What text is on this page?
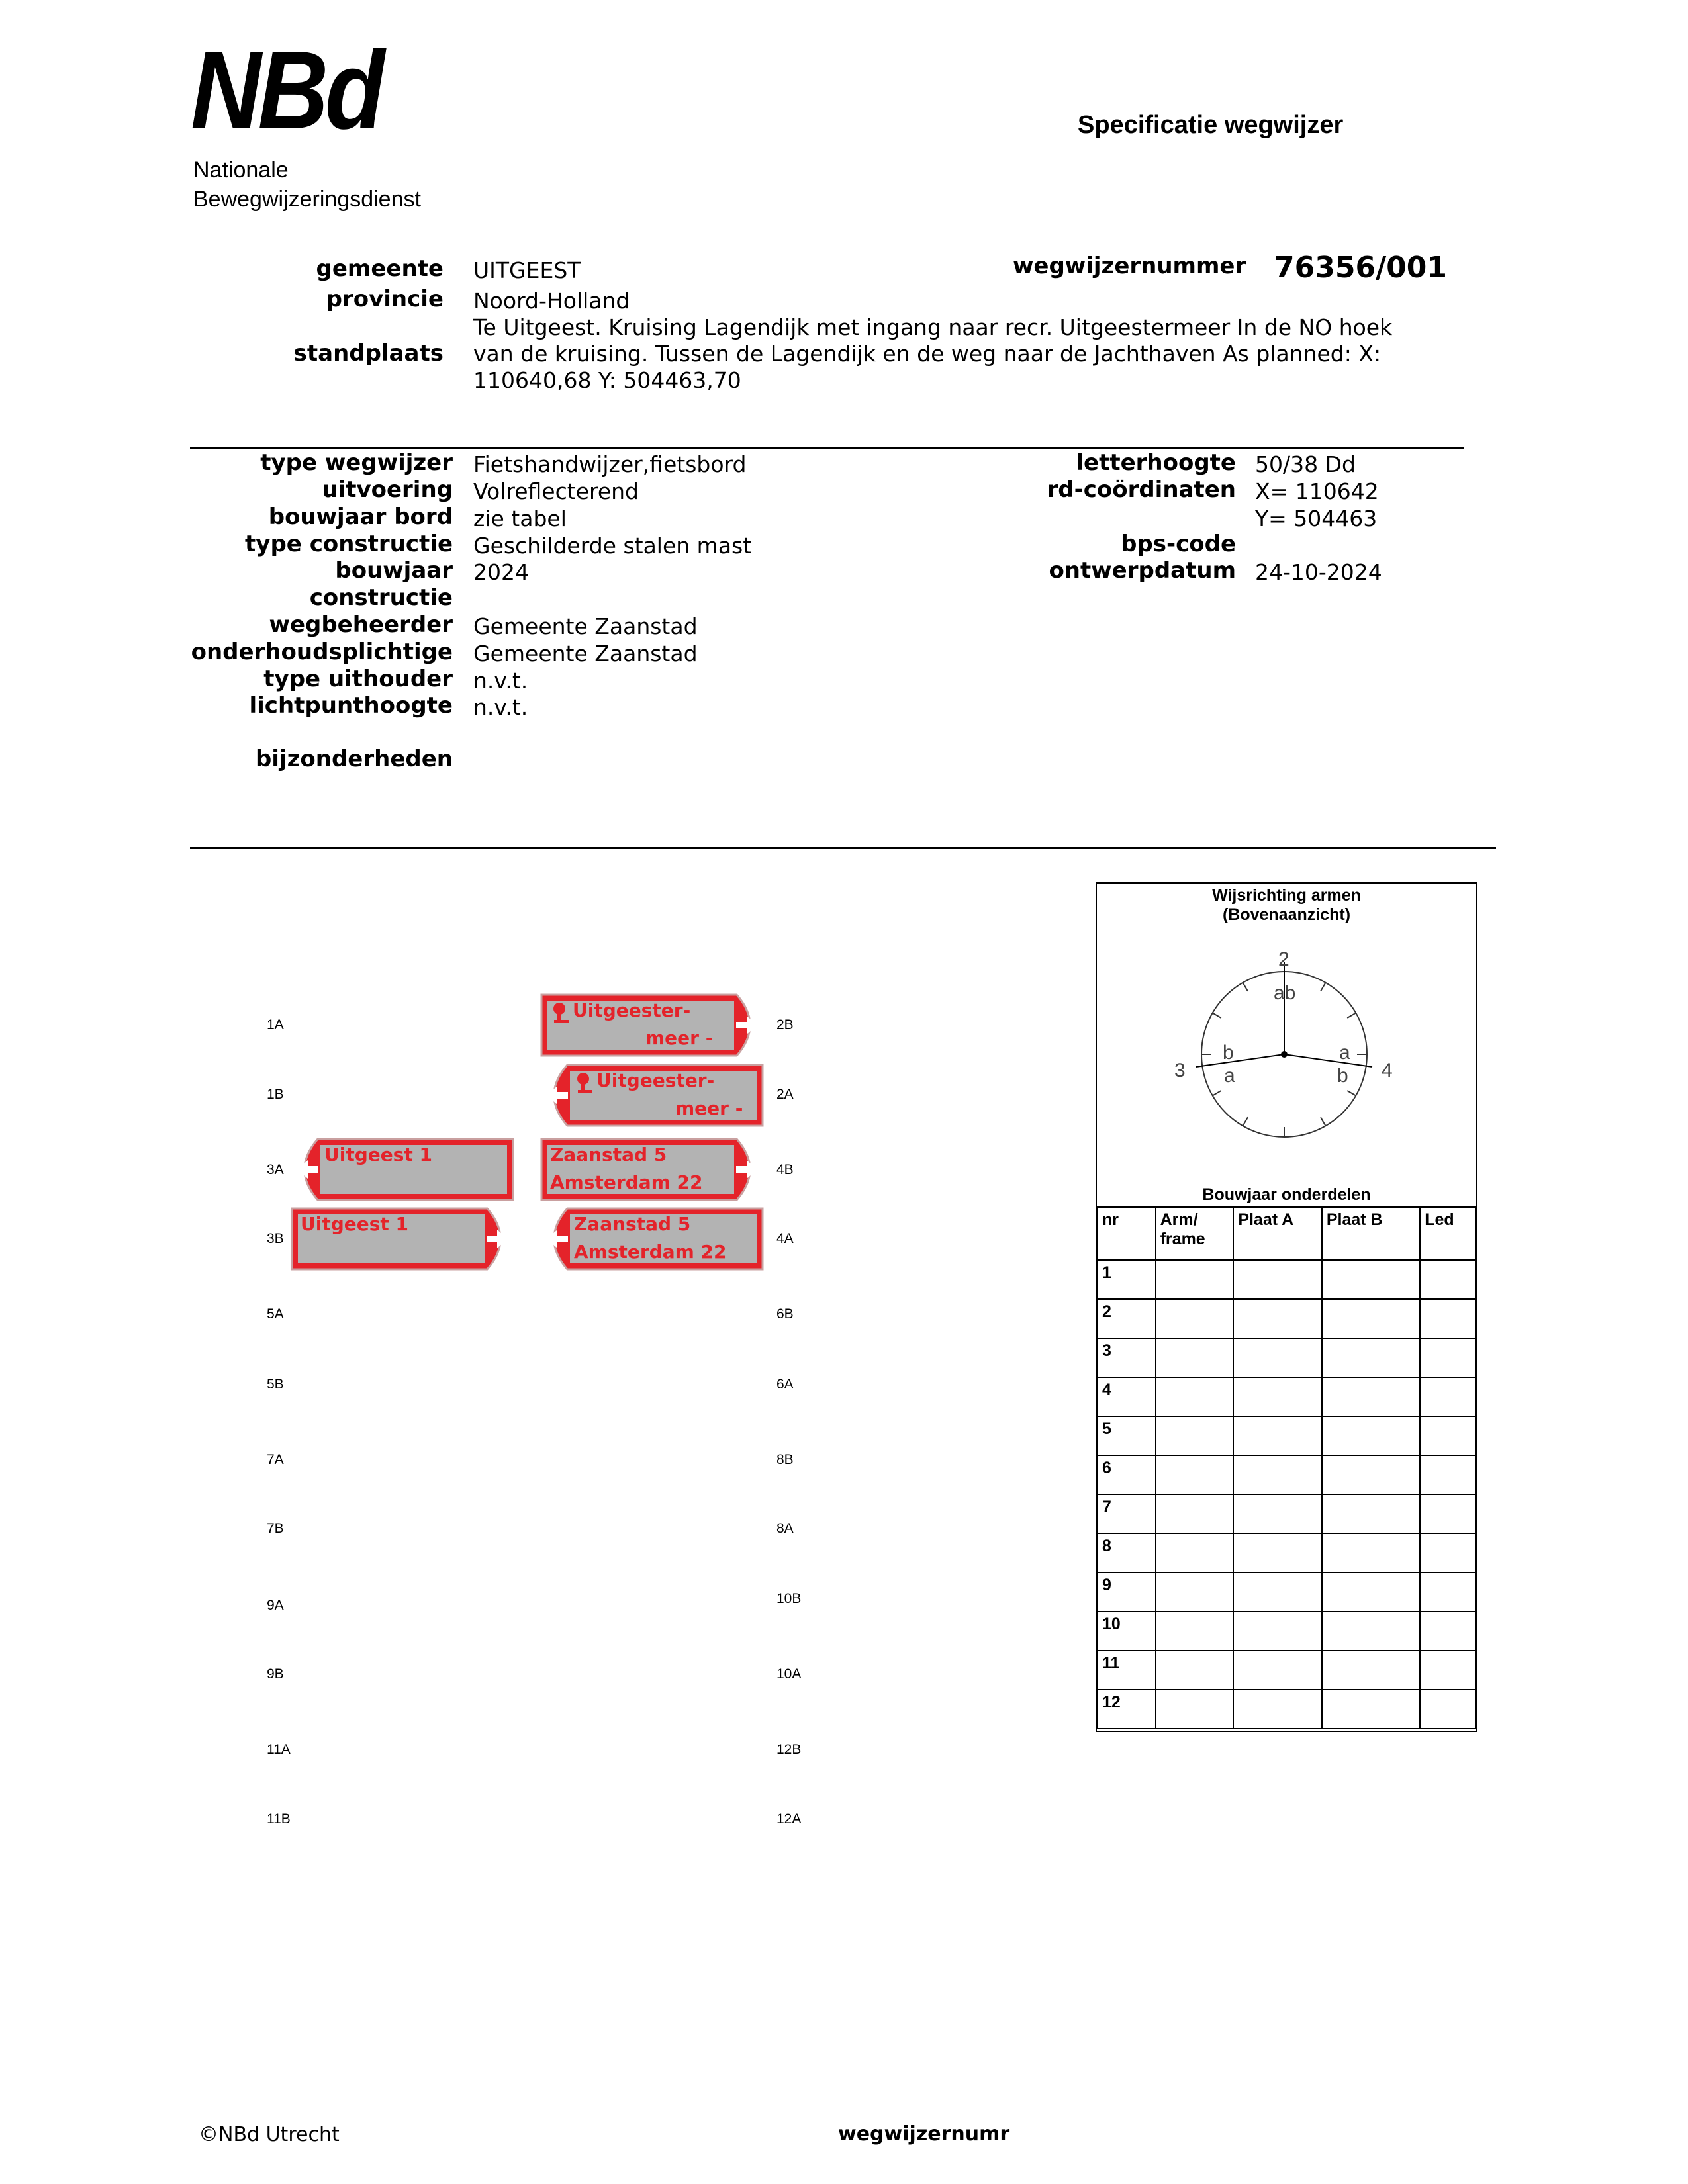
NBd
Nationale
Bewegwijzeringsdienst
Specificatie wegwijzer
gemeente UITGEEST
provincie Noord-Holland
standplaats
Te Uitgeest. Kruising Lagendijk met ingang naar recr. Uitgeestermeer In de NO hoek
van de kruising. Tussen de Lagendijk en de weg naar de Jachthaven As planned: X:
110640,68 Y: 504463,70
wegwijzernummer 76356/001
type wegwijzer Fietshandwijzer,fietsbord
uitvoering Volreflecterend
bouwjaar bord zie tabel
type constructie Geschilderde stalen mast
bouwjaar 2024
constructie
wegbeheerder Gemeente Zaanstad
onderhoudsplichtige Gemeente Zaanstad
type uithouder n.v.t.
lichtpunthoogte n.v.t.
bijzonderheden
letterhoogte 50/38 Dd
rd-coördinaten X= 110642
Y= 504463
bps-code
ontwerpdatum 24-10-2024
1A
1B
3A
3B
5A
5B
7A
7B
9A
9B
11A
11B
2B
2A
4B
4A
6B
6A
8B
8A
10B
10A
12B
12A
Uitgeester-
meer -
Uitgeester-
meer -
Uitgeest 1	Zaanstad 5
Amsterdam 22
Uitgeest 1	Zaanstad 5
Amsterdam 22
Wijsrichting armen
(Bovenaanzicht)
2
3	4
ab
b
a
a
b
Bouwjaar onderdelen
nr	Arm/ frame	Plaat A	Plaat B	Led
1				
2				
3				
4				
5				
6				
7				
8				
9				
10				
11				
12				
©NBd Utrecht	wegwijzernumr
